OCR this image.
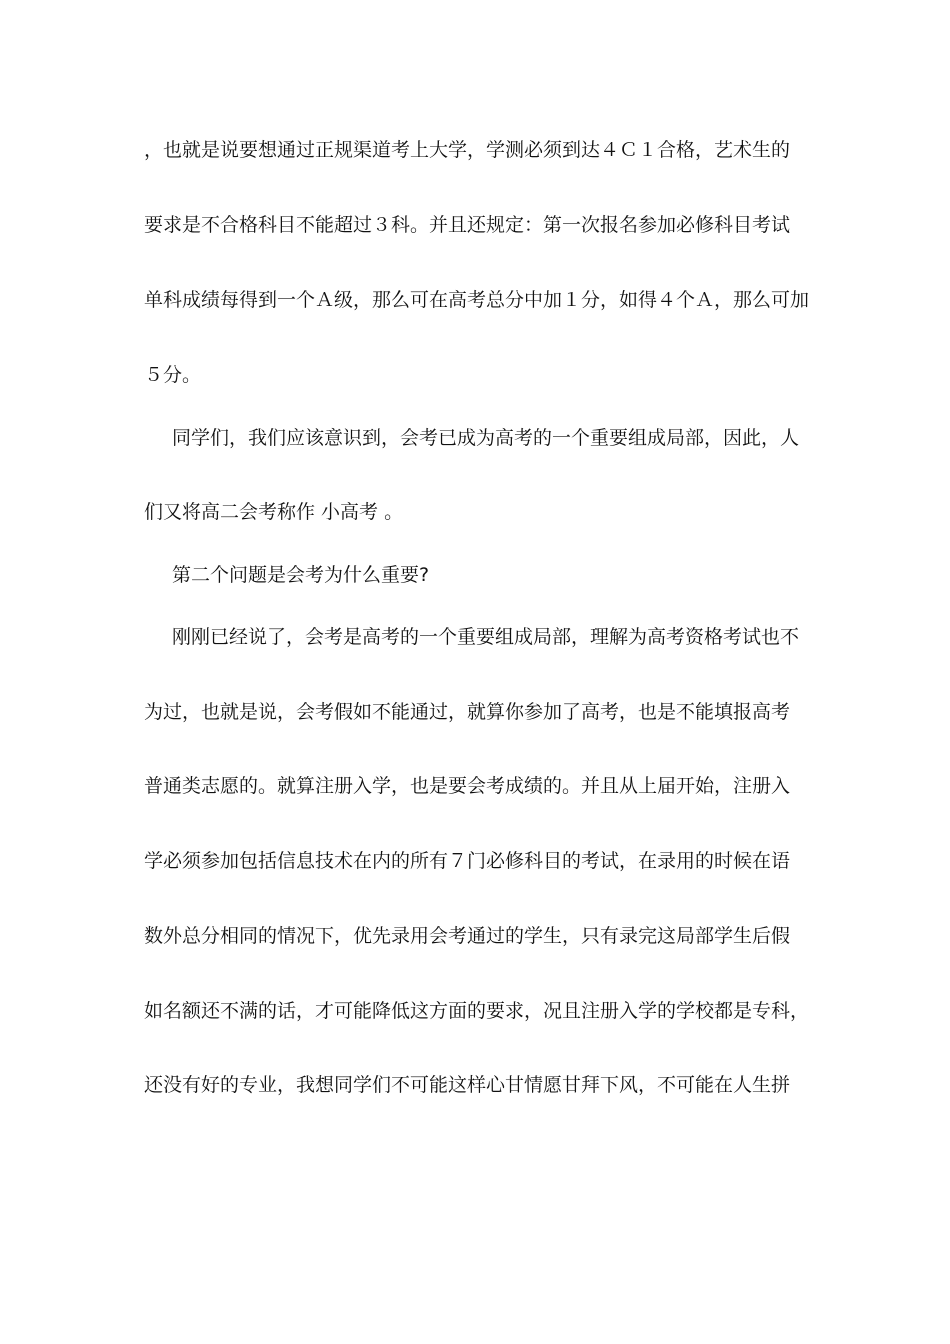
，也就是说要想通过正规渠道考上大学，学测必须到达４Ｃ１合格，艺术生的
要求是不合格科目不能超过３科。并且还规定：第一次报名参加必修科目考试
单科成绩每得到一个Ａ级，那么可在高考总分中加１分，如得４个Ａ，那么可加
５分。
同学们，我们应该意识到，会考已成为高考的一个重要组成局部，因此，人
们又将高二会考称作 小高考 。
第二个问题是会考为什么重要?
刚刚已经说了，会考是高考的一个重要组成局部，理解为高考资格考试也不
为过，也就是说，会考假如不能通过，就算你参加了高考，也是不能填报高考
普通类志愿的。就算注册入学，也是要会考成绩的。并且从上届开始，注册入
学必须参加包括信息技术在内的所有７门必修科目的考试，在录用的时候在语
数外总分相同的情况下，优先录用会考通过的学生，只有录完这局部学生后假
如名额还不满的话，才可能降低这方面的要求，况且注册入学的学校都是专科，
还没有好的专业，我想同学们不可能这样心甘情愿甘拜下风，不可能在人生拼
